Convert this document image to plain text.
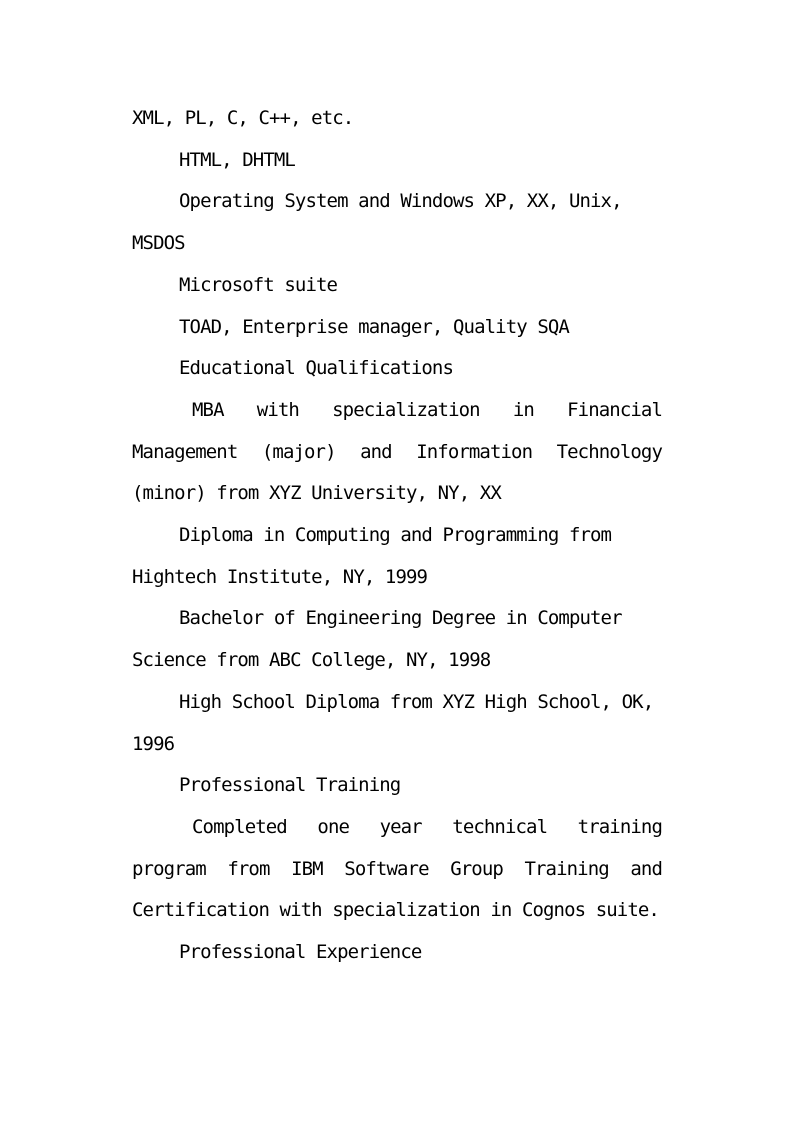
XML, PL, C, C++, etc.

HTML, DHTML

Operating System and Windows XP, XX, Unix, MSDOS

Microsoft suite

TOAD, Enterprise manager, Quality SQA

Educational Qualifications

MBA with specialization in Financial Management (major) and Information Technology (minor) from XYZ University, NY, XX

Diploma in Computing and Programming from Hightech Institute, NY, 1999

Bachelor of Engineering Degree in Computer Science from ABC College, NY, 1998

High School Diploma from XYZ High School, OK, 1996

Professional Training

Completed one year technical training program from IBM Software Group Training and Certification with specialization in Cognos suite.

Professional Experience
